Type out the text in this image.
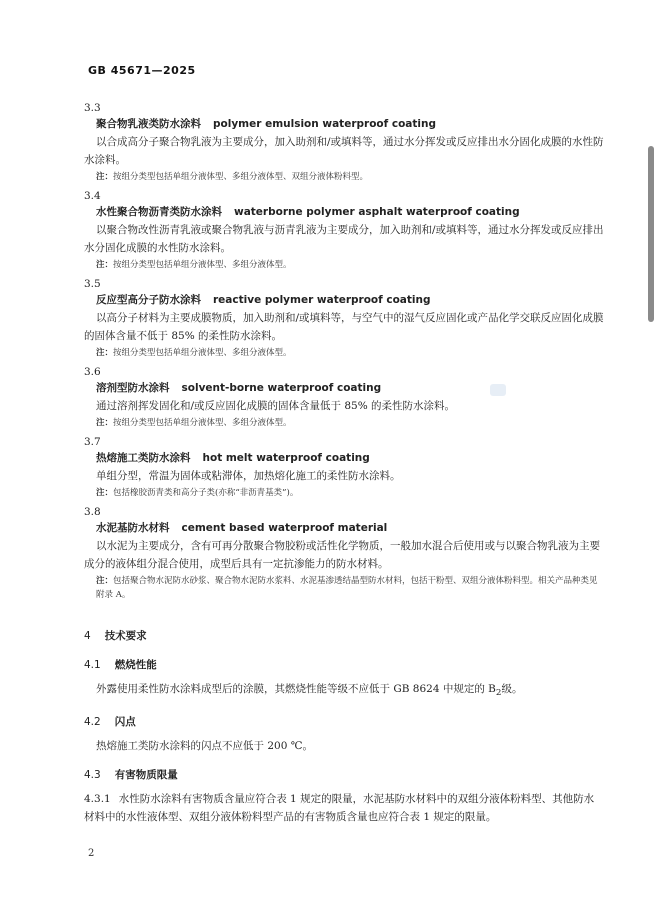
GB 45671—2025
3.3
聚合物乳液类防水涂料 polymer emulsion waterproof coating

以合成高分子聚合物乳液为主要成分，加入助剂和/或填料等，通过水分挥发或反应排出水分固化成膜的水性防水涂料。

注：按组分类型包括单组分液体型、多组分液体型、双组分液体粉料型。
3.4
水性聚合物沥青类防水涂料 waterborne polymer asphalt waterproof coating

以聚合物改性沥青乳液或聚合物乳液与沥青乳液为主要成分，加入助剂和/或填料等，通过水分挥发或反应排出水分固化成膜的水性防水涂料。

注：按组分类型包括单组分液体型、多组分液体型。
3.5
反应型高分子防水涂料 reactive polymer waterproof coating

以高分子材料为主要成膜物质，加入助剂和/或填料等，与空气中的湿气反应固化或产品化学交联反应固化成膜的固体含量不低于 85% 的柔性防水涂料。

注：按组分类型包括单组分液体型、多组分液体型。
3.6
溶剂型防水涂料 solvent-borne waterproof coating

通过溶剂挥发固化和/或反应固化成膜的固体含量低于 85% 的柔性防水涂料。

注：按组分类型包括单组分液体型、多组分液体型。
3.7
热熔施工类防水涂料 hot melt waterproof coating

单组分型，常温为固体或粘滞体，加热熔化施工的柔性防水涂料。

注：包括橡胶沥青类和高分子类(亦称“非沥青基类”)。
3.8
水泥基防水材料 cement based waterproof material

以水泥为主要成分，含有可再分散聚合物胶粉或活性化学物质，一般加水混合后使用或与以聚合物乳液为主要成分的液体组分混合使用，成型后具有一定抗渗能力的防水材料。

注：包括聚合物水泥防水砂浆、聚合物水泥防水浆料、水泥基渗透结晶型防水材料，包括干粉型、双组分液体粉料型。相关产品种类见附录 A。
4 技术要求
4.1 燃烧性能

外露使用柔性防水涂料成型后的涂膜，其燃烧性能等级不应低于 GB 8624 中规定的 $B_2$级。

4.2 闪点

热熔施工类防水涂料的闪点不应低于 200 ℃。

4.3 有害物质限量

4.3.1 水性防水涂料有害物质含量应符合表 1 规定的限量，水泥基防水材料中的双组分液体粉料型、其他防水材料中的水性液体型、双组分液体粉料型产品的有害物质含量也应符合表 1 规定的限量。

2
